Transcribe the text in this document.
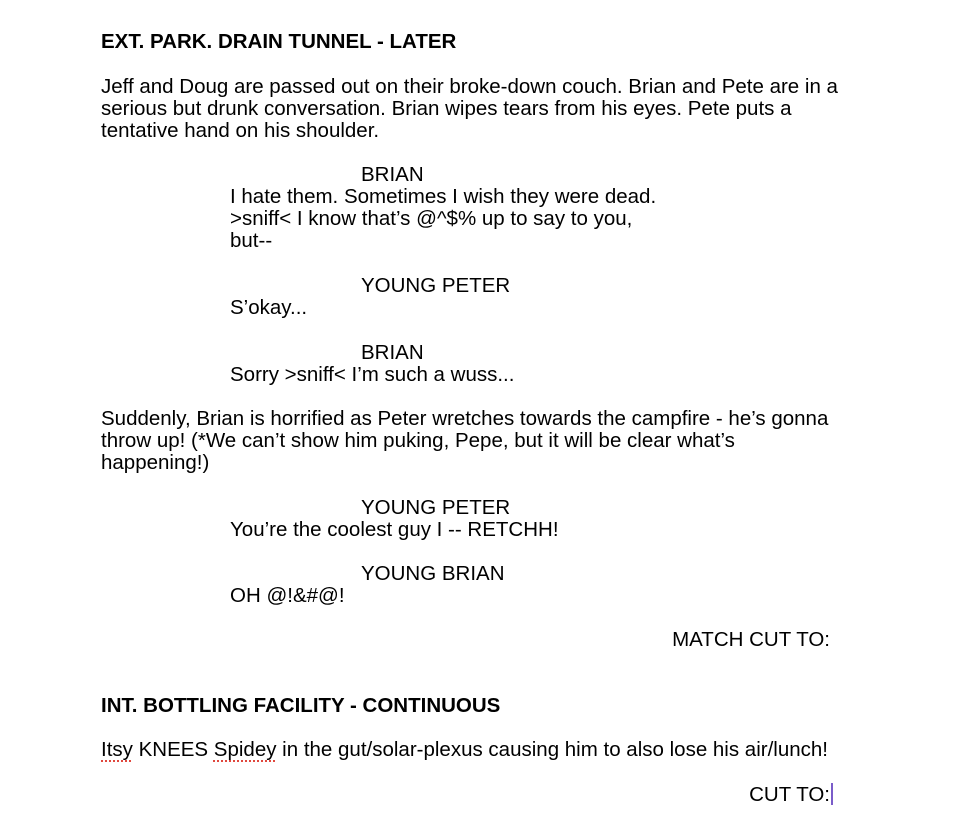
EXT. PARK. DRAIN TUNNEL - LATER
Jeff and Doug are passed out on their broke-down couch. Brian and Pete are in a
serious but drunk conversation. Brian wipes tears from his eyes. Pete puts a
tentative hand on his shoulder.
BRIAN
I hate them. Sometimes I wish they were dead.
>sniff< I know that’s @^$% up to say to you,
but--
YOUNG PETER
S’okay...
BRIAN
Sorry >sniff< I’m such a wuss...
Suddenly, Brian is horrified as Peter wretches towards the campfire - he’s gonna
throw up! (*We can’t show him puking, Pepe, but it will be clear what’s
happening!)
YOUNG PETER
You’re the coolest guy I -- RETCHH!
YOUNG BRIAN
OH @!&#@!
MATCH CUT TO:
INT. BOTTLING FACILITY - CONTINUOUS
Itsy KNEES Spidey in the gut/solar-plexus causing him to also lose his air/lunch!
CUT TO:
